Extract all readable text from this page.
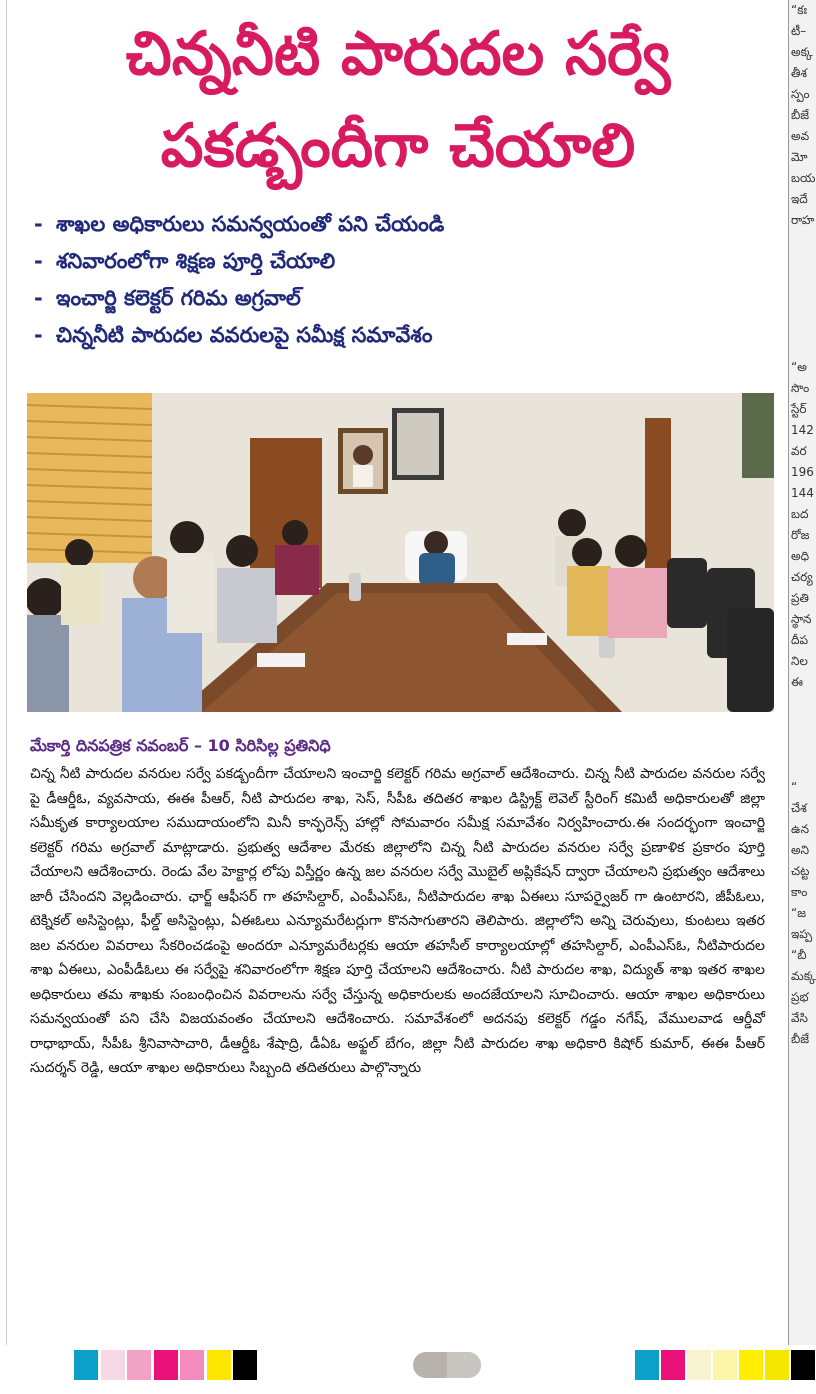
“కః
టీ–
అక్క
తీశ
స్పం
బీజే
అవ
మో
బయ
ఇదే
రాహ

“అ
సొం
స్టేర్
142
వర
196
144
బద
రోజ
అధి
చర్య
ప్రతి
స్థాన
దీప
నిల
ఈ

“
చేశ
ఉన
అని
చట్ట
కాం
“జ
ఇప్ప
“బీ
మక్క
ప్రభ
వేసి
బీజే
చిన్ననీటి పారుదల సర్వే
పకడ్బందీగా చేయాలి
- శాఖల అధికారులు సమన్వయంతో పని చేయండి
- శనివారంలోగా శిక్షణ పూర్తి చేయాలి
- ఇంచార్జి కలెక్టర్ గరిమ అగ్రవాల్
- చిన్ననీటి పారుదల వవరులపై సమీక్ష సమావేశం
మేకార్తి దినపత్రిక నవంబర్ – 10 సిరిసిల్ల ప్రతినిధి
చిన్న నీటి పారుదల వనరుల సర్వే పకడ్బందీగా చేయాలని ఇంచార్జి కలెక్టర్ గరిమ అగ్రవాల్ ఆదేశించారు. చిన్న నీటి పారుదల వనరుల సర్వే పై డీఆర్డీఓ, వ్యవసాయ, ఈఈ పీఆర్, నీటి పారుదల శాఖ, సెస్, సీపీఓ తదితర శాఖల డిస్ట్రిక్ట్ లెవెల్ స్టీరింగ్ కమిటీ అధికారులతో జిల్లా సమీకృత కార్యాలయాల సముదాయంలోని మినీ కాన్ఫరెన్స్ హాల్లో సోమవారం సమీక్ష సమావేశం నిర్వహించారు.ఈ సందర్భంగా ఇంచార్జి కలెక్టర్ గరిమ అగ్రవాల్ మాట్లాడారు. ప్రభుత్వ ఆదేశాల మేరకు జిల్లాలోని చిన్న నీటి పారుదల వనరుల సర్వే ప్రణాళిక ప్రకారం పూర్తి చేయాలని ఆదేశించారు. రెండు వేల హెక్టార్ల లోపు విస్తీర్ణం ఉన్న జల వనరుల సర్వే మొబైల్ అప్లికేషన్ ద్వారా చేయాలని ప్రభుత్వం ఆదేశాలు జారీ చేసిందని వెల్లడించారు. ఛార్జ్ ఆఫీసర్ గా తహసిల్దార్, ఎంపీఎస్ఓ, నీటిపారుదల శాఖ ఏఈలు సూపర్వైజర్ గా ఉంటారని, జీపీఓలు, టెక్నికల్ అసిస్టెంట్లు, ఫీల్డ్ అసిస్టెంట్లు, ఏఈఓలు ఎన్యూమరేటర్లుగా కొనసాగుతారని తెలిపారు. జిల్లాలోని అన్ని చెరువులు, కుంటలు ఇతర జల వనరుల వివరాలు సేకరించడంపై అందరూ ఎన్యూమరేటర్లకు ఆయా తహసీల్ కార్యాలయాల్లో తహసిల్దార్, ఎంపీఎస్ఓ, నీటిపారుదల శాఖ ఏఈలు, ఎంపీడీఓలు ఈ సర్వేపై శనివారంలోగా శిక్షణ పూర్తి చేయాలని ఆదేశించారు. నీటి పారుదల శాఖ, విద్యుత్ శాఖ ఇతర శాఖల అధికారులు తమ శాఖకు సంబంధించిన వివరాలను సర్వే చేస్తున్న అధికారులకు అందజేయాలని సూచించారు. ఆయా శాఖల అధికారులు సమన్వయంతో పని చేసి విజయవంతం చేయాలని ఆదేశించారు. సమావేశంలో అదనపు కలెక్టర్ గడ్డం నగేష్, వేములవాడ ఆర్డీవో రాధాభాయ్, సీపీఓ శ్రీనివాసాచారి, డీఆర్డీఓ శేషాద్రి, డీఏఓ అఫ్జల్ బేగం, జిల్లా నీటి పారుదల శాఖ అధికారి కిషోర్ కుమార్, ఈఈ పీఆర్ సుదర్శన్ రెడ్డి, ఆయా శాఖల అధికారులు సిబ్బంది తదితరులు పాల్గొన్నారు
